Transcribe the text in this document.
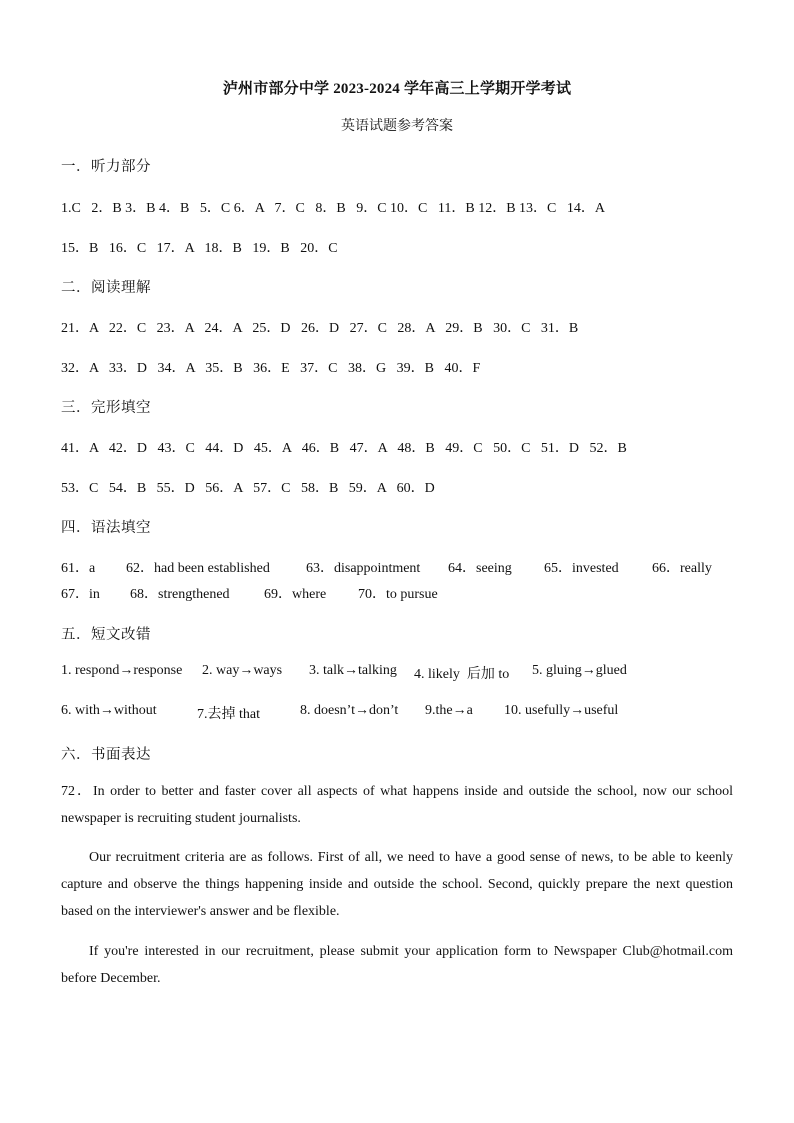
泸州市部分中学 2023-2024 学年高三上学期开学考试
英语试题参考答案
一．听力部分
1.C   2．B 3．B 4．B   5．C 6．A   7．C   8．B   9．C 10．C   11．B 12．B 13．C   14．A
15．B   16．C   17．A   18．B   19．B   20．C
二．阅读理解
21．A   22．C   23．A   24．A   25．D   26．D   27．C   28．A   29．B   30．C   31．B
32．A   33．D   34．A   35．B   36．E   37．C   38．G   39．B   40．F
三．完形填空
41．A   42．D   43．C   44．D   45．A   46．B   47．A   48．B   49．C   50．C   51．D   52．B
53．C   54．B   55．D   56．A   57．C   58．B   59．A   60．D
四．语法填空
61．a 62．had been established	63．disappointment 64．seeing 65．invested 66．really
67．in 68．strengthened 69．where 70．to pursue
五．短文改错
1. respond→response 2. way→ways 3. talk→talking 4. likely  后加 to 5. gluing→glued
6. with→without	7.去掉 that	8. doesn’t→don’t 9.the→a 10. usefully→useful
六．书面表达
72．In order to better and faster cover all aspects of what happens inside and outside the school, now our school newspaper is recruiting student journalists.
Our recruitment criteria are as follows. First of all, we need to have a good sense of news, to be able to keenly capture and observe the things happening inside and outside the school. Second, quickly prepare the next question based on the interviewer's answer and be flexible.
If you're interested in our recruitment, please submit your application form to Newspaper Club@hotmail.com before December.
